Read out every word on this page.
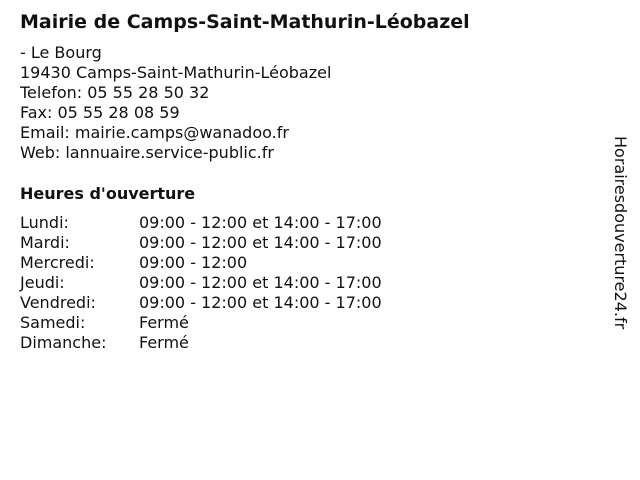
Mairie de Camps-Saint-Mathurin-Léobazel
- Le Bourg
19430 Camps-Saint-Mathurin-Léobazel
Telefon: 05 55 28 50 32
Fax: 05 55 28 08 59
Email: mairie.camps@wanadoo.fr
Web: lannuaire.service-public.fr
Heures d'ouverture
Lundi:	09:00 - 12:00 et 14:00 - 17:00
Mardi:	09:00 - 12:00 et 14:00 - 17:00
Mercredi:	09:00 - 12:00
Jeudi:	09:00 - 12:00 et 14:00 - 17:00
Vendredi:	09:00 - 12:00 et 14:00 - 17:00
Samedi:	Fermé
Dimanche: Fermé
Horairesdouverture24.fr
